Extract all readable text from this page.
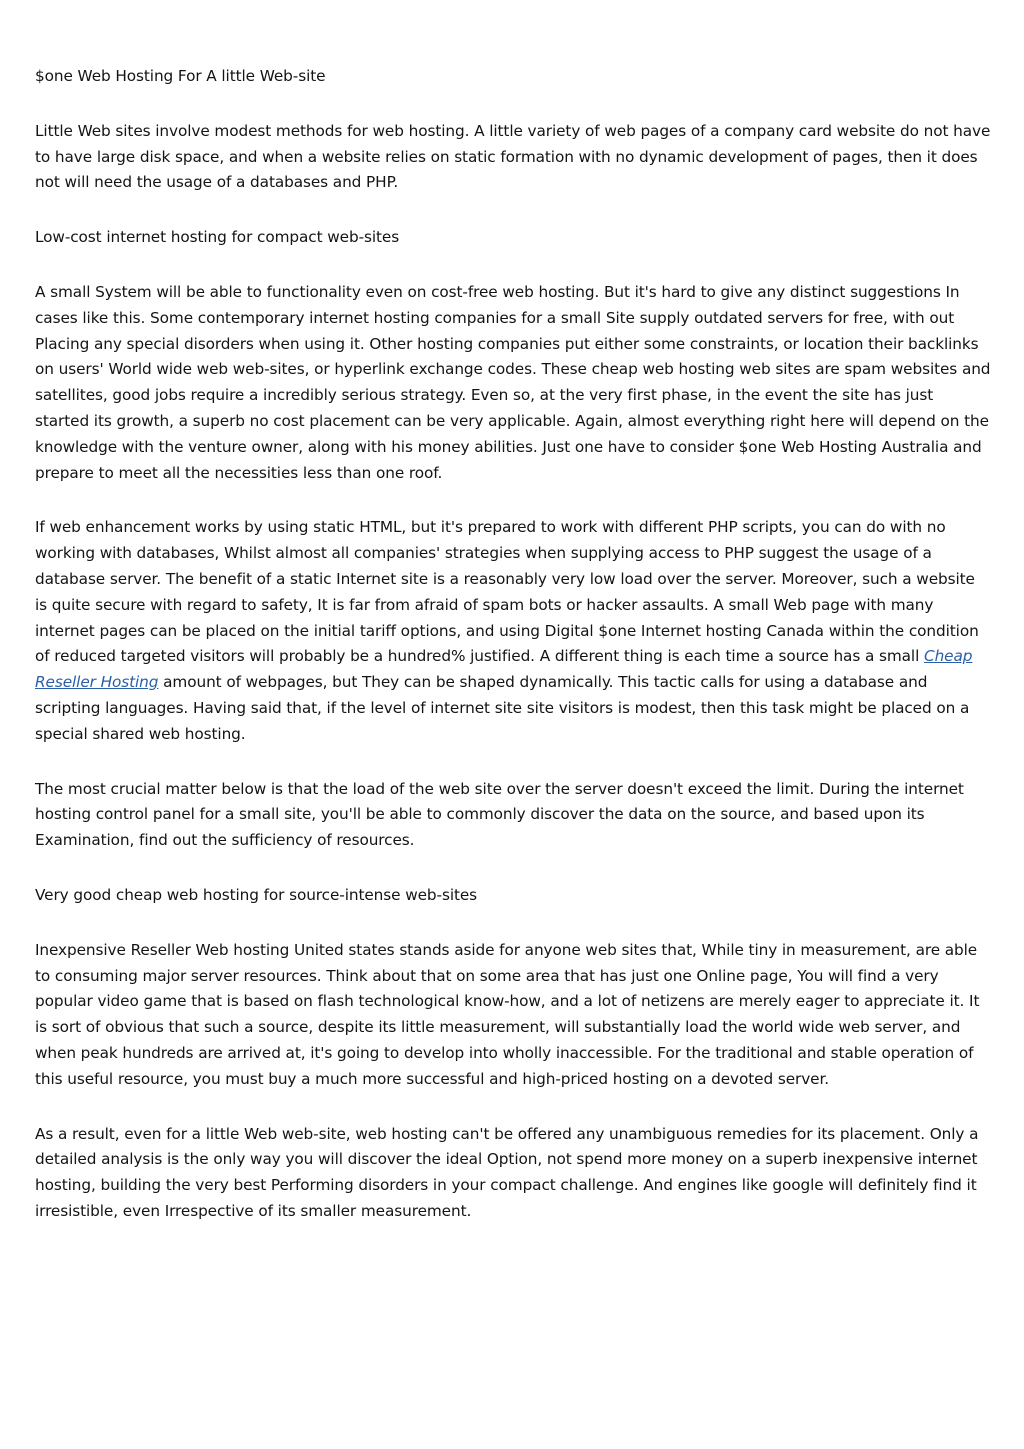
$one Web Hosting For A little Web-site

Little Web sites involve modest methods for web hosting. A little variety of web pages of a company card website do not have to have large disk space, and when a website relies on static formation with no dynamic development of pages, then it does not will need the usage of a databases and PHP.

Low-cost internet hosting for compact web-sites

A small System will be able to functionality even on cost-free web hosting. But it's hard to give any distinct suggestions In cases like this. Some contemporary internet hosting companies for a small Site supply outdated servers for free, with out Placing any special disorders when using it. Other hosting companies put either some constraints, or location their backlinks on users' World wide web web-sites, or hyperlink exchange codes. These cheap web hosting web sites are spam websites and satellites, good jobs require a incredibly serious strategy. Even so, at the very first phase, in the event the site has just started its growth, a superb no cost placement can be very applicable. Again, almost everything right here will depend on the knowledge with the venture owner, along with his money abilities. Just one have to consider $one Web Hosting Australia and prepare to meet all the necessities less than one roof.

If web enhancement works by using static HTML, but it's prepared to work with different PHP scripts, you can do with no working with databases, Whilst almost all companies' strategies when supplying access to PHP suggest the usage of a database server. The benefit of a static Internet site is a reasonably very low load over the server. Moreover, such a website is quite secure with regard to safety, It is far from afraid of spam bots or hacker assaults. A small Web page with many internet pages can be placed on the initial tariff options, and using Digital $one Internet hosting Canada within the condition of reduced targeted visitors will probably be a hundred% justified. A different thing is each time a source has a small Cheap Reseller Hosting amount of webpages, but They can be shaped dynamically. This tactic calls for using a database and scripting languages. Having said that, if the level of internet site site visitors is modest, then this task might be placed on a special shared web hosting.

The most crucial matter below is that the load of the web site over the server doesn't exceed the limit. During the internet hosting control panel for a small site, you'll be able to commonly discover the data on the source, and based upon its Examination, find out the sufficiency of resources.

Very good cheap web hosting for source-intense web-sites

Inexpensive Reseller Web hosting United states stands aside for anyone web sites that, While tiny in measurement, are able to consuming major server resources. Think about that on some area that has just one Online page, You will find a very popular video game that is based on flash technological know-how, and a lot of netizens are merely eager to appreciate it. It is sort of obvious that such a source, despite its little measurement, will substantially load the world wide web server, and when peak hundreds are arrived at, it's going to develop into wholly inaccessible. For the traditional and stable operation of this useful resource, you must buy a much more successful and high-priced hosting on a devoted server.

As a result, even for a little Web web-site, web hosting can't be offered any unambiguous remedies for its placement. Only a detailed analysis is the only way you will discover the ideal Option, not spend more money on a superb inexpensive internet hosting, building the very best Performing disorders in your compact challenge. And engines like google will definitely find it irresistible, even Irrespective of its smaller measurement.
